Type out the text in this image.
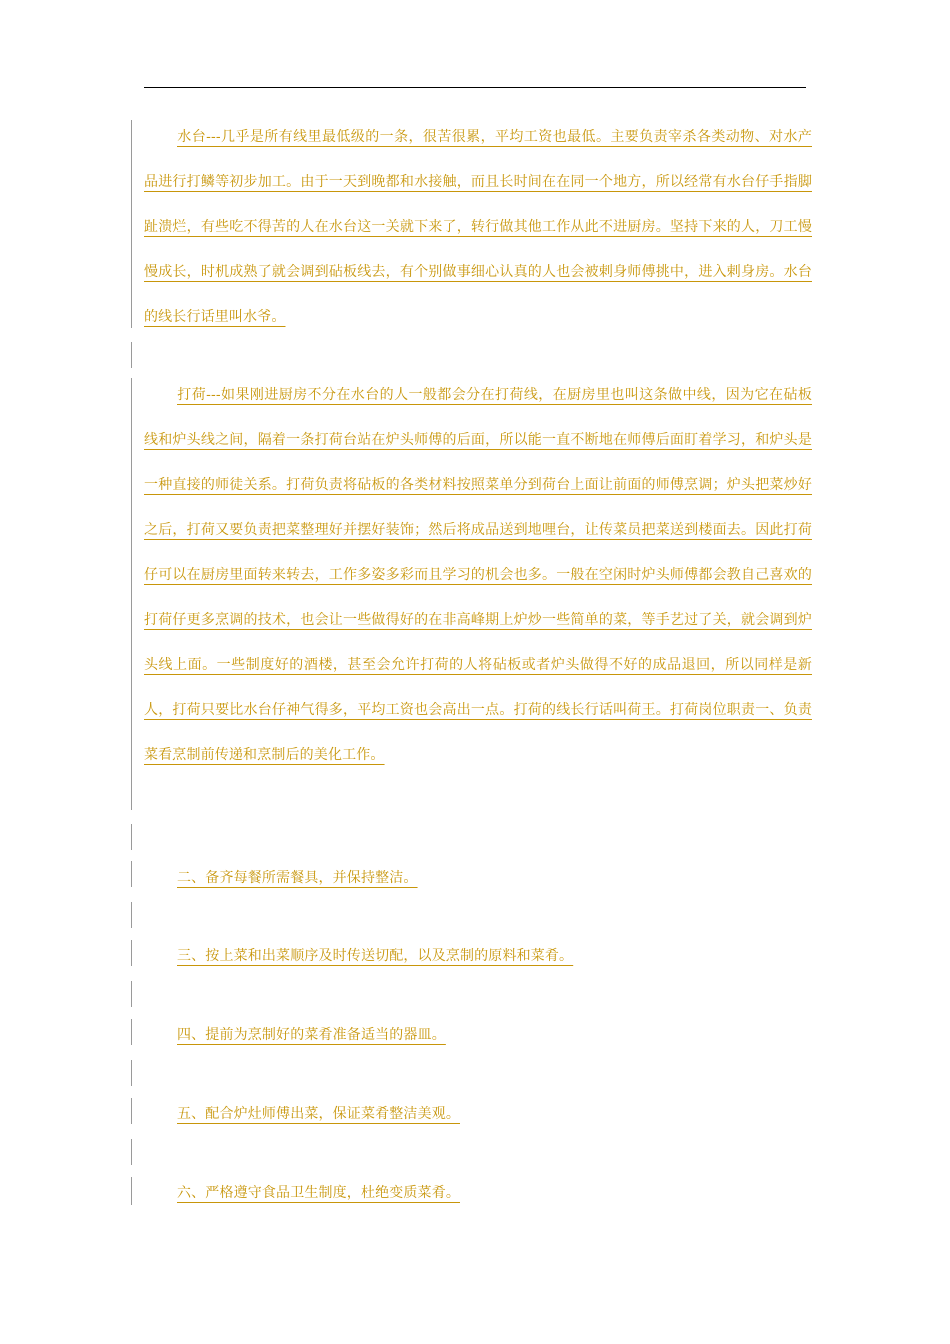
水台---几乎是所有线里最低级的一条，很苦很累，平均工资也最低。主要负责宰杀各类动物、对水产品进行打鳞等初步加工。由于一天到晚都和水接触，而且长时间在在同一个地方，所以经常有水台仔手指脚趾溃烂，有些吃不得苦的人在水台这一关就下来了，转行做其他工作从此不进厨房。坚持下来的人，刀工慢慢成长，时机成熟了就会调到砧板线去，有个别做事细心认真的人也会被剌身师傅挑中，进入剌身房。水台的线长行话里叫水爷。

打荷---如果刚进厨房不分在水台的人一般都会分在打荷线，在厨房里也叫这条做中线，因为它在砧板线和炉头线之间，隔着一条打荷台站在炉头师傅的后面，所以能一直不断地在师傅后面盯着学习，和炉头是一种直接的师徒关系。打荷负责将砧板的各类材料按照菜单分到荷台上面让前面的师傅烹调；炉头把菜炒好之后，打荷又要负责把菜整理好并摆好装饰；然后将成品送到地哩台，让传菜员把菜送到楼面去。因此打荷仔可以在厨房里面转来转去，工作多姿多彩而且学习的机会也多。一般在空闲时炉头师傅都会教自己喜欢的打荷仔更多烹调的技术，也会让一些做得好的在非高峰期上炉炒一些简单的菜，等手艺过了关，就会调到炉头线上面。一些制度好的酒楼，甚至会允许打荷的人将砧板或者炉头做得不好的成品退回，所以同样是新人，打荷只要比水台仔神气得多，平均工资也会高出一点。打荷的线长行话叫荷王。打荷岗位职责一、负责菜看烹制前传递和烹制后的美化工作。

二、备齐每餐所需餐具，并保持整洁。

三、按上菜和出菜顺序及时传送切配，以及烹制的原料和菜肴。

四、提前为烹制好的菜肴准备适当的器皿。

五、配合炉灶师傅出菜，保证菜肴整洁美观。

六、严格遵守食品卫生制度，杜绝变质菜肴。
